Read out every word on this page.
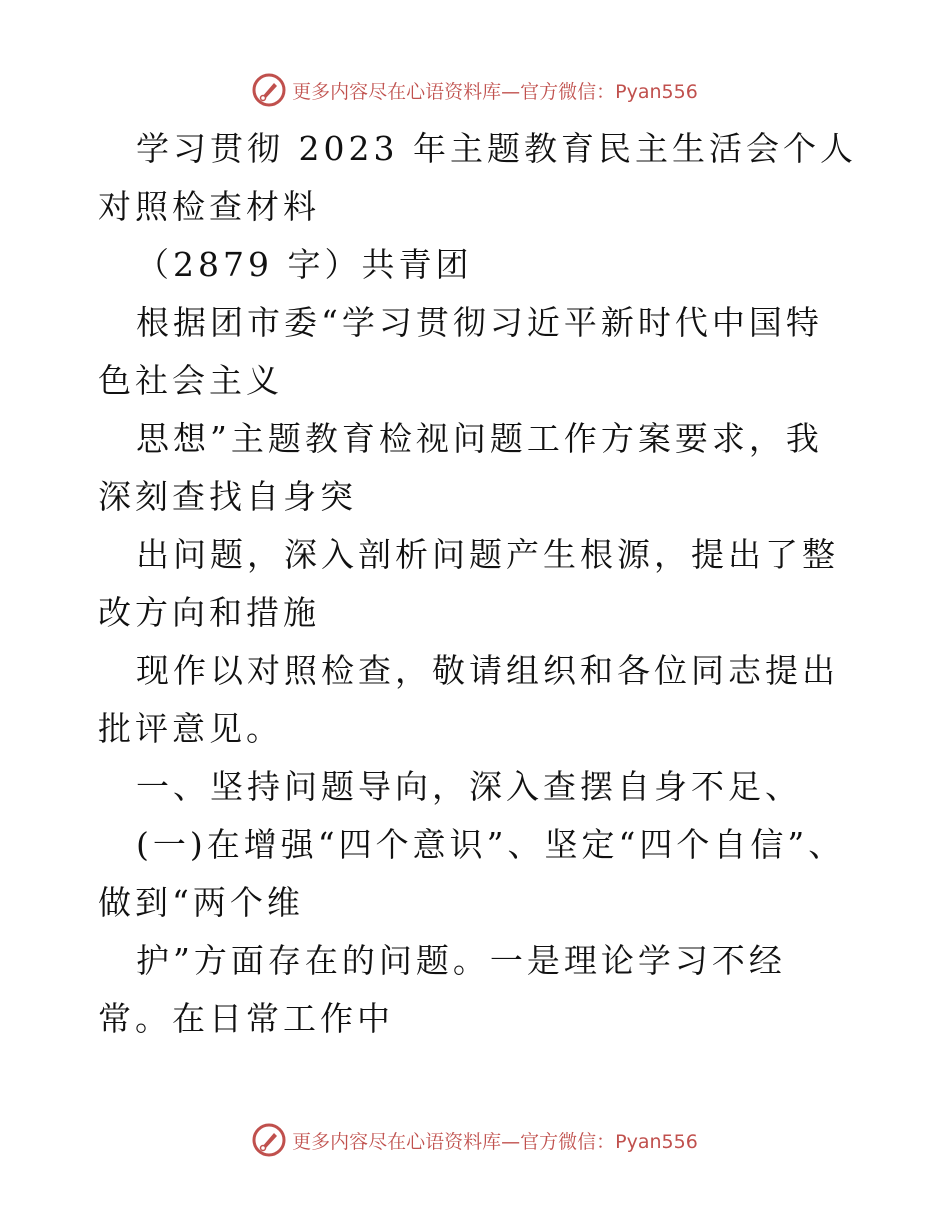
更多内容尽在心语资料库—官方微信：Pyan556

学习贯彻 2023 年主题教育民主生活会个人对照检查材料

（2879 字）共青团

根据团市委“学习贯彻习近平新时代中国特色社会主义

思想”主题教育检视问题工作方案要求，我深刻查找自身突

出问题，深入剖析问题产生根源，提出了整改方向和措施

现作以对照检查，敬请组织和各位同志提出批评意见。

一、坚持问题导向，深入查摆自身不足、

(一)在增强“四个意识”、坚定“四个自信”、做到“两个维

护”方面存在的问题。一是理论学习不经常。在日常工作中

更多内容尽在心语资料库—官方微信：Pyan556
